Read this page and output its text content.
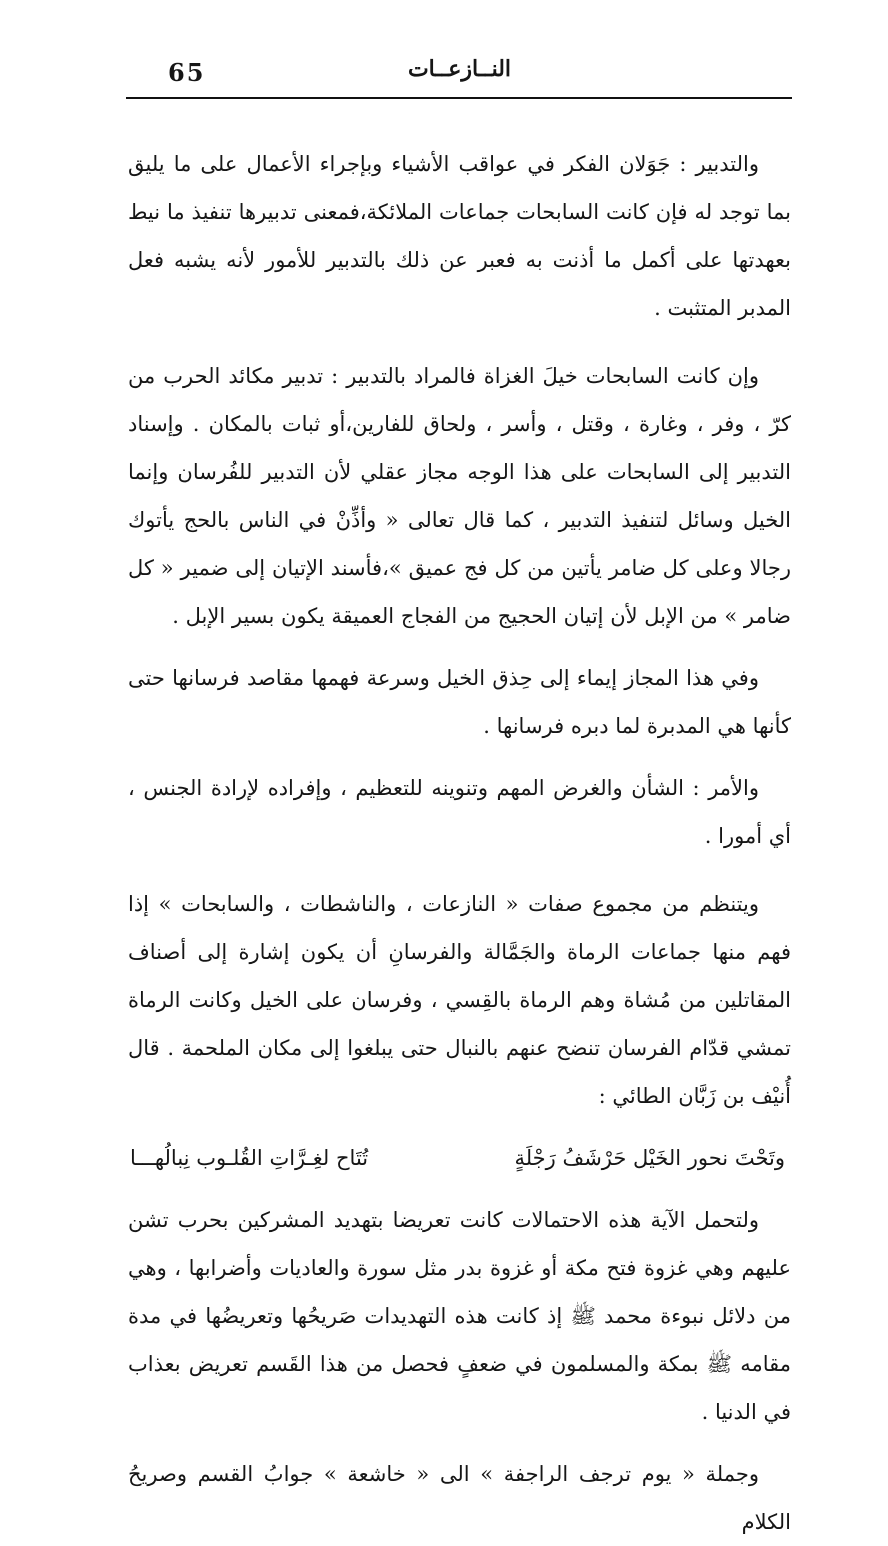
65	النــازعــات

والتدبير : جَوَلان الفكر في عواقب الأشياء وبإجراء الأعمال على ما يليق بما توجد له فإن كانت السابحات جماعات الملائكة،فمعنى تدبيرها تنفيذ ما نيط بعهدتها على أكمل ما أذنت به فعبر عن ذلك بالتدبير للأمور لأنه يشبه فعل المدبر المتثبت .

وإن كانت السابحات خيلَ الغزاة فالمراد بالتدبير : تدبير مكائد الحرب من كرّ ، وفر ، وغارة ، وقتل ، وأسر ، ولحاق للفارين،أو ثبات بالمكان . وإسناد التدبير إلى السابحات على هذا الوجه مجاز عقلي لأن التدبير للفُرسان وإنما الخيل وسائل لتنفيذ التدبير ، كما قال تعالى « وأذِّنْ في الناس بالحج يأتوك رجالا وعلى كل ضامر يأتين من كل فج عميق »،فأسند الإتيان إلى ضمير « كل ضامر » من الإبل لأن إتيان الحجيج من الفجاج العميقة يكون بسير الإبل .

وفي هذا المجاز إيماء إلى حِذق الخيل وسرعة فهمها مقاصد فرسانها حتى كأنها هي المدبرة لما دبره فرسانها .

والأمر : الشأن والغرض المهم وتنوينه للتعظيم ، وإفراده لإرادة الجنس ، أي أمورا .

ويتنظم من مجموع صفات « النازعات ، والناشطات ، والسابحات » إذا فهم منها جماعات الرماة والجَمَّالة والفرسانِ أن يكون إشارة إلى أصناف المقاتلين من مُشاة وهم الرماة بالقِسي ، وفرسان على الخيل وكانت الرماة تمشي قدّام الفرسان تنضح عنهم بالنبال حتى يبلغوا إلى مكان الملحمة . قال أُنيْف بن زَبَّان الطائي :

وتَحْتَ نحور الخَيْل حَرْشَفُ رَجْلَةٍ
تُتَاح لغِـرَّاتِ القُلـوب نِبالُهـــا

ولتحمل الآية هذه الاحتمالات كانت تعريضا بتهديد المشركين بحرب تشن عليهم وهي غزوة فتح مكة أو غزوة بدر مثل سورة والعاديات وأضرابها ، وهي من دلائل نبوءة محمد ﷺ إذ كانت هذه التهديدات صَريحُها وتعريضُها في مدة مقامه ﷺ بمكة والمسلمون في ضعفٍ فحصل من هذا القَسم تعريض بعذاب في الدنيا .

وجملة « يوم ترجف الراجفة » الى « خاشعة » جوابُ القسم وصريحُ الكلام
